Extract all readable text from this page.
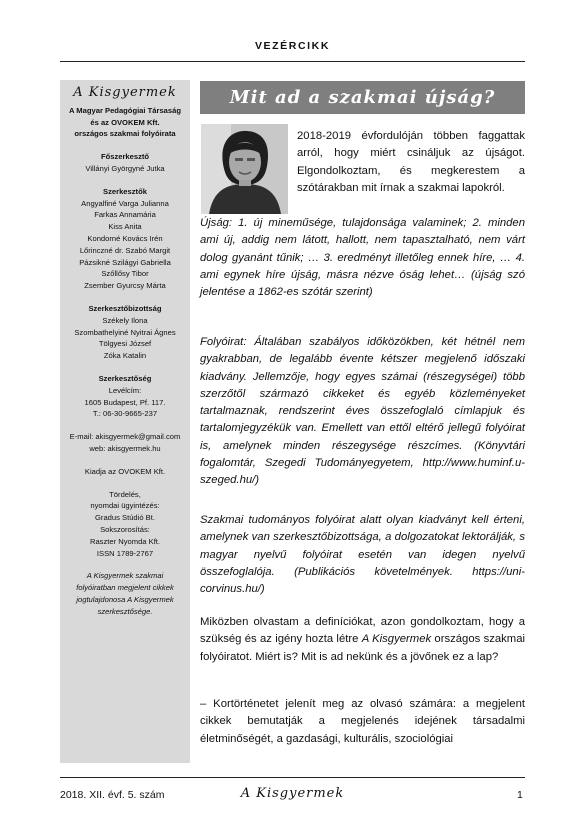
VEZÉRCIKK
A Kisgyermek
A Magyar Pedagógiai Társaság
és az OVOKEM Kft.
országos szakmai folyóirata
Főszerkesztő
Villányi Györgyné Jutka
Szerkesztők
Angyalfiné Varga Julianna
Farkas Annamária
Kiss Anita
Kondorné Kovács Irén
Lőrinczné dr. Szabó Margit
Pázsikné Szilágyi Gabriella
Szőllősy Tibor
Zsember Gyurcsy Márta
Szerkesztőbizottság
Székely Ilona
Szombathelyiné Nyitrai Ágnes
Tölgyesi József
Zóka Katalin
Szerkesztőség
Levélcím:
1605 Budapest, Pf. 117.
T.: 06-30-9665-237
E-mail: akisgyermek@gmail.com
web: akisgyermek.hu
Kiadja az OVOKEM Kft.
Tördelés,
nyomdai ügyintézés:
Gradus Stúdió Bt.
Sokszorosítás:
Raszter Nyomda Kft.
ISSN 1789-2767
A Kisgyermek szakmai
folyóiratban megjelent cikkek
jogtulajdonosa A Kisgyermek
szerkesztősége.
Mit ad a szakmai újság?
2018-2019 évfordulóján többen faggattak arról, hogy miért csináljuk az újságot. Elgondolkoztam, és megkerestem a szótárakban mit írnak a szakmai lapokról.
Újság: 1. új mineműsége, tulajdonsága valaminek; 2. minden ami új, addig nem látott, hallott, nem tapasztalható, nem várt dolog gyanánt tűnik; … 3. eredményt illetőleg ennek híre, … 4. ami egynek híre újság, másra nézve óság lehet… (újság szó jelentése a 1862-es szótár szerint)
Folyóirat: Általában szabályos időközökben, két hétnél nem gyakrabban, de legalább évente kétszer megjelenő időszaki kiadvány. Jellemzője, hogy egyes számai (részegységei) több szerzőtől származó cikkeket és egyéb közleményeket tartalmaznak, rendszerint éves összefoglaló címlapjuk és tartalomjegyzékük van. Emellett van ettől eltérő jellegű folyóirat is, amelynek minden részegysége részcímes. (Könyvtári fogalomtár, Szegedi Tudományegyetem, http://www.huminf.u-szeged.hu/)
Szakmai tudományos folyóirat alatt olyan kiadványt kell érteni, amelynek van szerkesztőbizottsága, a dolgozatokat lektorálják, s magyar nyelvű folyóirat esetén van idegen nyelvű összefoglalója. (Publikációs követelmények. https://uni-corvinus.hu/)
Miközben olvastam a definíciókat, azon gondolkoztam, hogy a szükség és az igény hozta létre A Kisgyermek országos szakmai folyóiratot. Miért is? Mit is ad nekünk és a jövőnek ez a lap?
– Kortörténetet jelenít meg az olvasó számára: a megjelent cikkek bemutatják a megjelenés idejének társadalmi életminőségét, a gazdasági, kulturális, szociológiai
2018. XII. évf. 5. szám	A Kisgyermek	1
